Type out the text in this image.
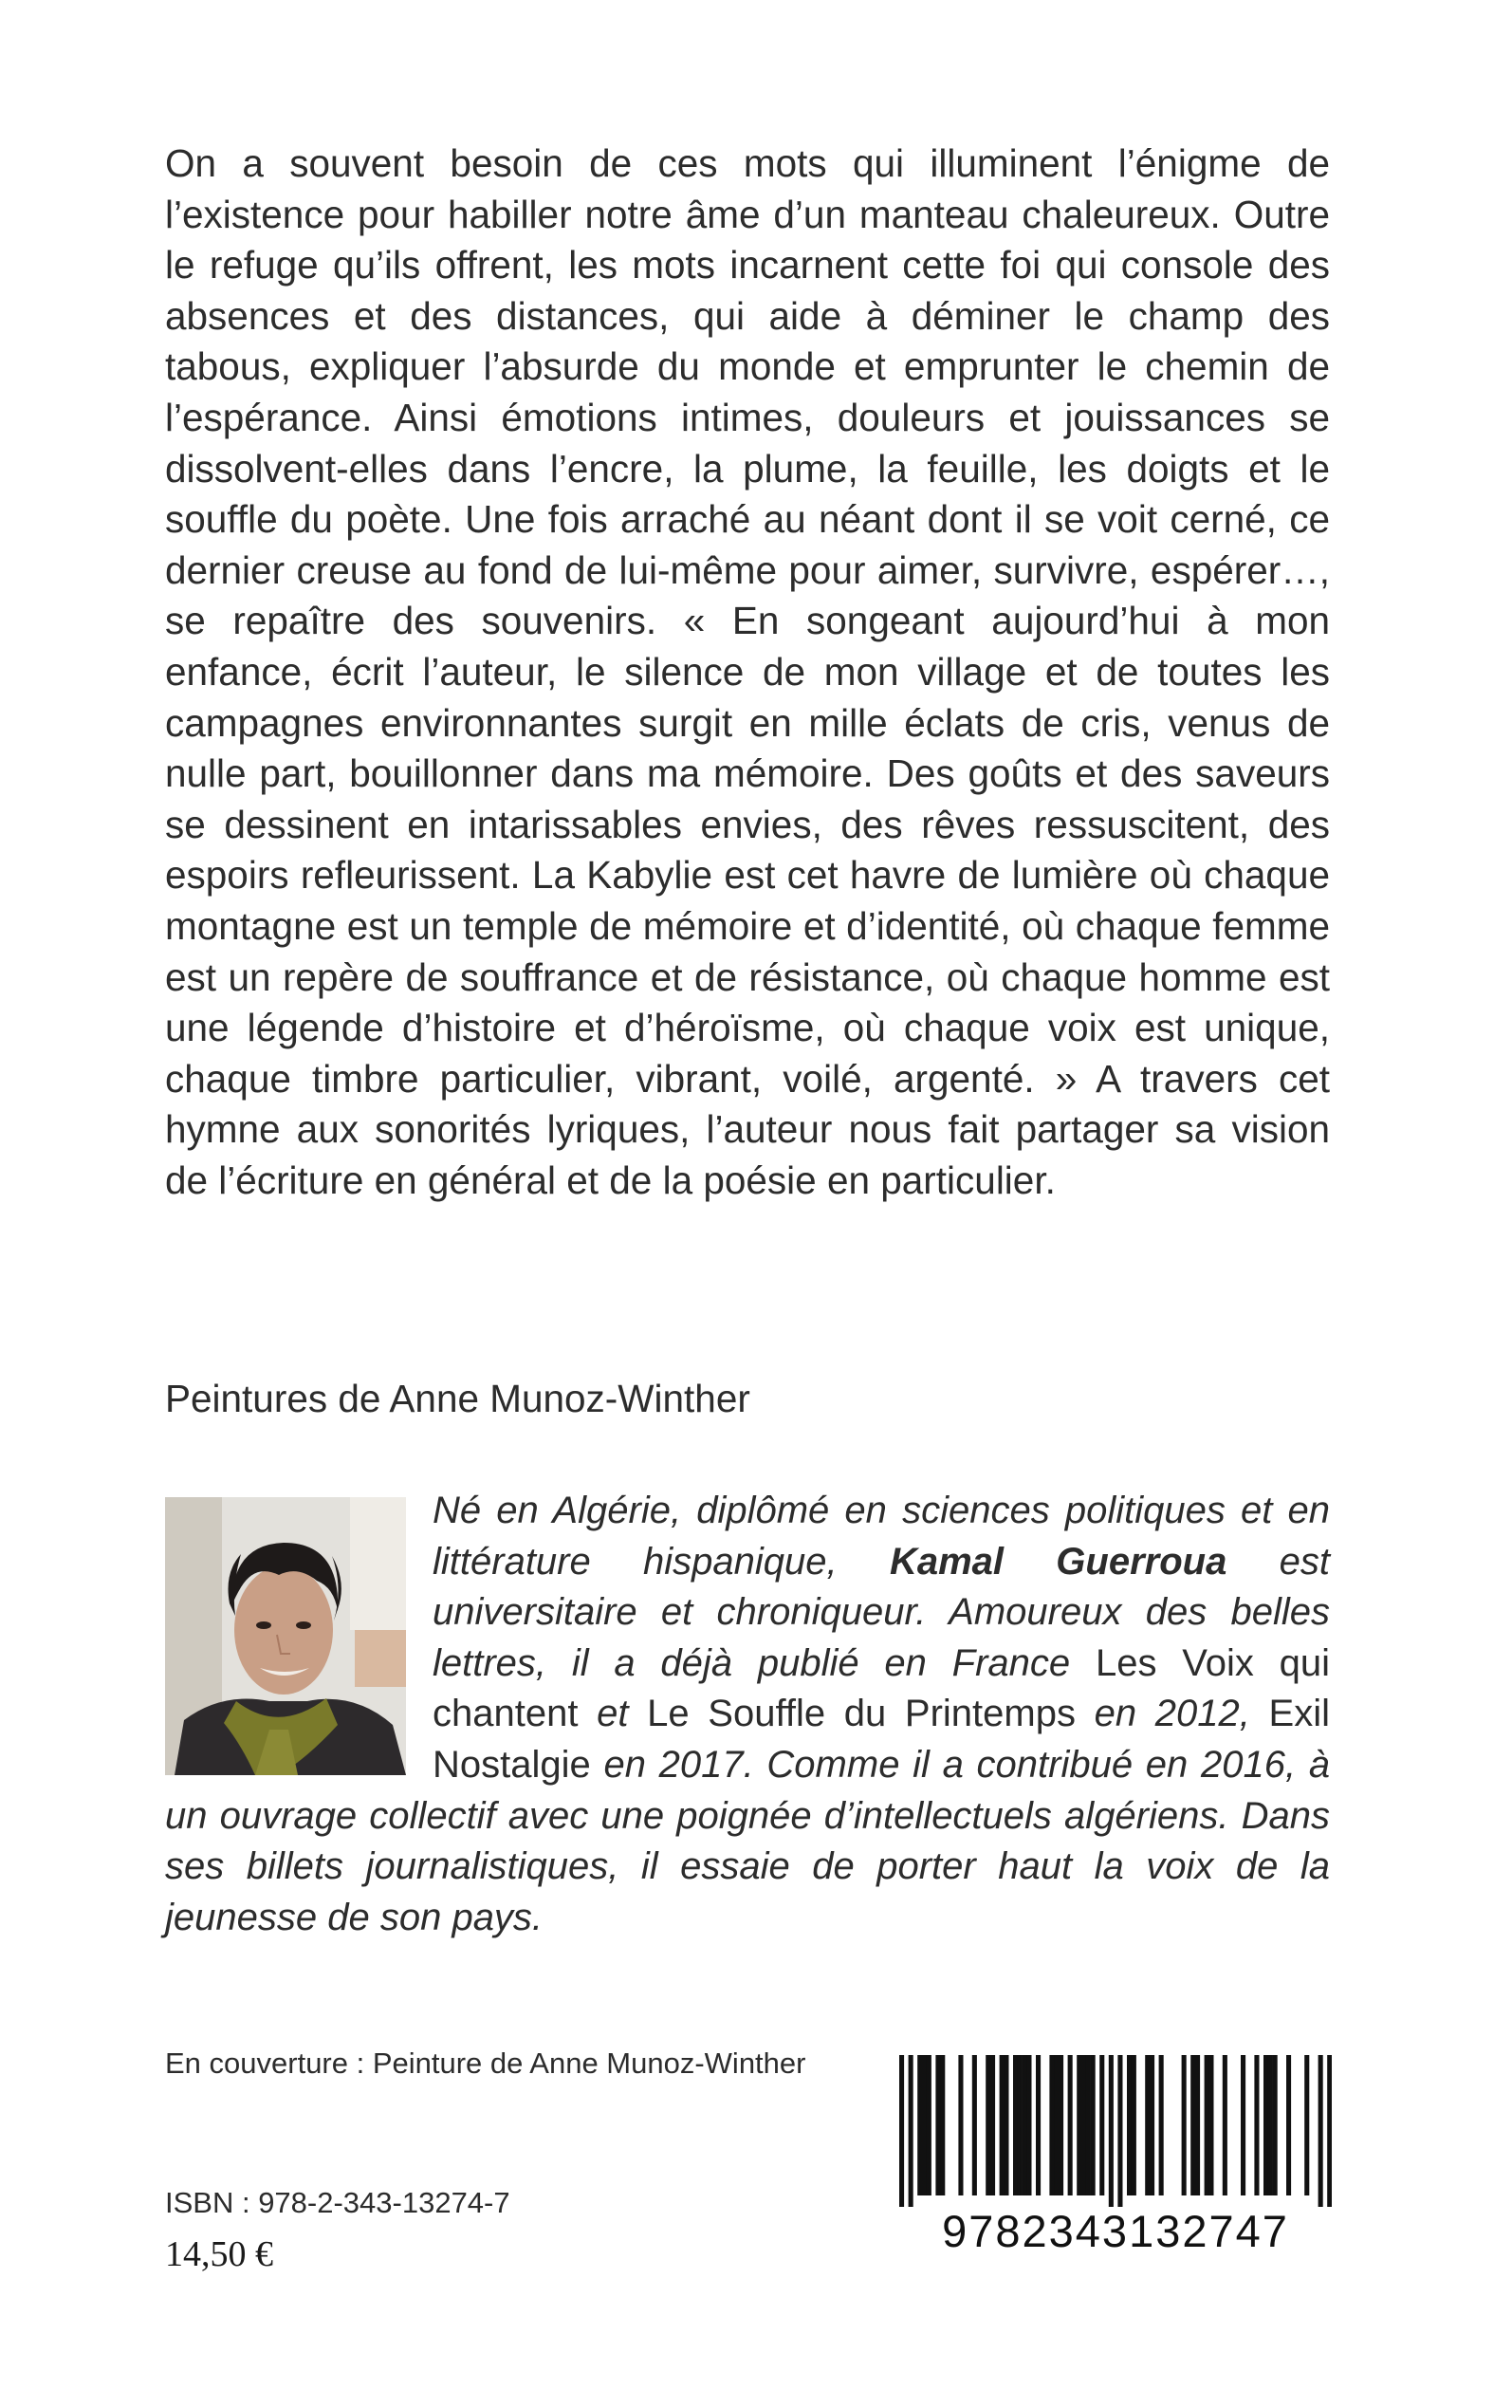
On a souvent besoin de ces mots qui illuminent l’énigme de l’existence pour habiller notre âme d’un manteau chaleureux. Outre le refuge qu’ils offrent, les mots incarnent cette foi qui console des absences et des distances, qui aide à déminer le champ des tabous, expliquer l’absurde du monde et emprunter le chemin de l’espérance. Ainsi émotions intimes, douleurs et jouissances se dissolvent-elles dans l’encre, la plume, la feuille, les doigts et le souffle du poète. Une fois arraché au néant dont il se voit cerné, ce dernier creuse au fond de lui-même pour aimer, survivre, espérer…, se repaître des souvenirs. « En songeant aujourd’hui à mon enfance, écrit l’auteur, le silence de mon village et de toutes les campagnes environnantes surgit en mille éclats de cris, venus de nulle part, bouillonner dans ma mémoire. Des goûts et des saveurs se dessinent en intarissables envies, des rêves ressuscitent, des espoirs refleurissent. La Kabylie est cet havre de lumière où chaque montagne est un temple de mémoire et d’identité, où chaque femme est un repère de souffrance et de résistance, où chaque homme est une légende d’histoire et d’héroïsme, où chaque voix est unique, chaque timbre particulier, vibrant, voilé, argenté. » A travers cet hymne aux sonorités lyriques, l’auteur nous fait partager sa vision de l’écriture en général et de la poésie en particulier.

Peintures de Anne Munoz-Winther

Né en Algérie, diplômé en sciences politiques et en littérature hispanique, Kamal Guerroua est universitaire et chroniqueur. Amoureux des belles lettres, il a déjà publié en France Les Voix qui chantent et Le Souffle du Printemps en 2012, Exil Nostalgie en 2017. Comme il a contribué en 2016, à un ouvrage collectif avec une poignée d’intellectuels algériens. Dans ses billets journalistiques, il essaie de porter haut la voix de la jeunesse de son pays.

En couverture : Peinture de Anne Munoz-Winther

ISBN : 978-2-343-13274-7

14,50 €	9782343132747
